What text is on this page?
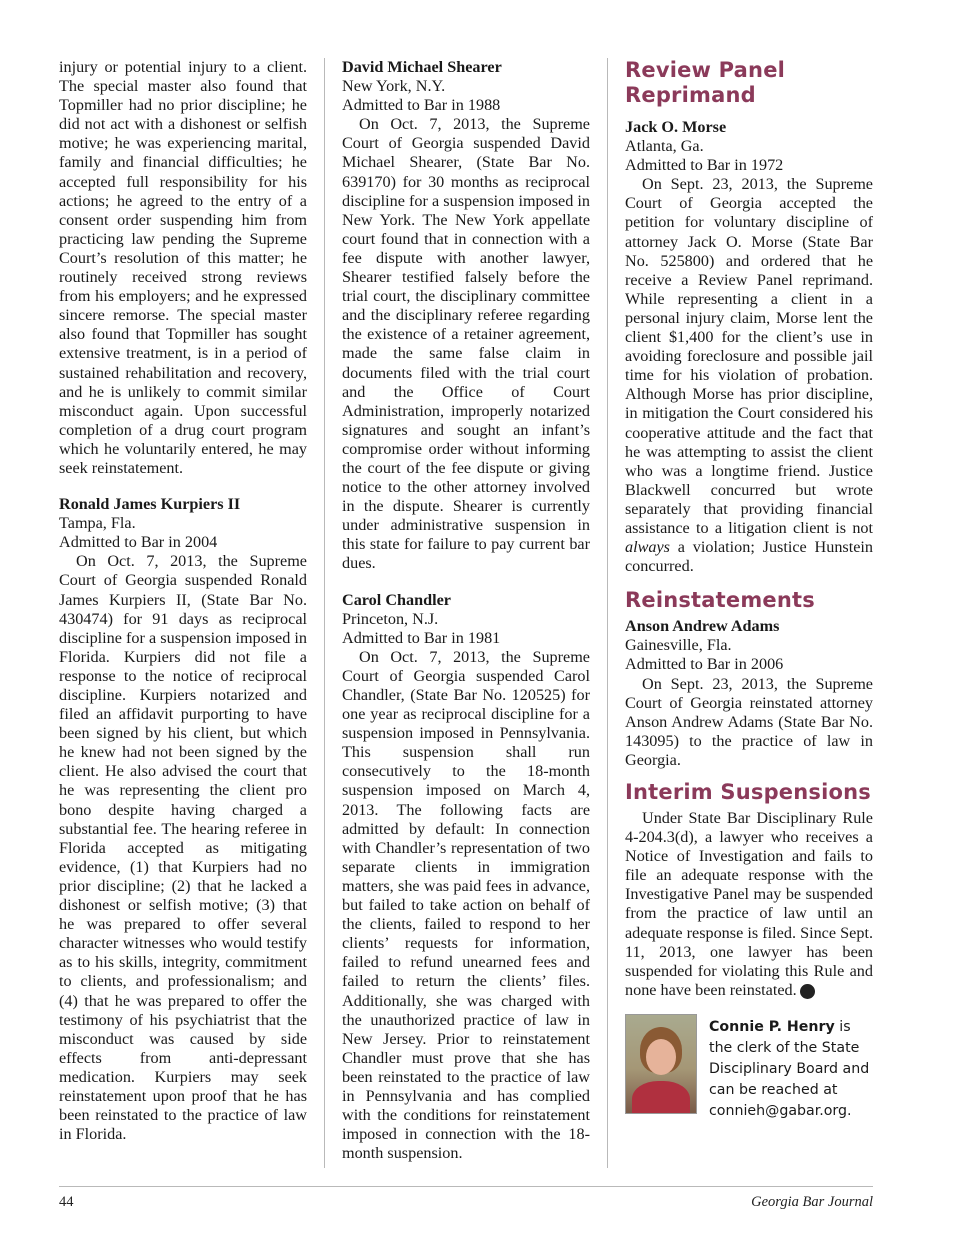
injury or potential injury to a client. The special master also found that Topmiller had no prior discipline; he did not act with a dishonest or selfish motive; he was experiencing marital, family and financial difficulties; he accepted full responsibility for his actions; he agreed to the entry of a consent order suspending him from practicing law pending the Supreme Court’s resolution of this matter; he routinely received strong reviews from his employers; and he expressed sincere remorse. The special master also found that Topmiller has sought extensive treatment, is in a period of sustained rehabilitation and recovery, and he is unlikely to commit similar misconduct again. Upon successful completion of a drug court program which he voluntarily entered, he may seek reinstatement.

Ronald James Kurpiers II
Tampa, Fla.
Admitted to Bar in 2004

On Oct. 7, 2013, the Supreme Court of Georgia suspended Ronald James Kurpiers II, (State Bar No. 430474) for 91 days as reciprocal discipline for a suspension imposed in Florida. Kurpiers did not file a response to the notice of reciprocal discipline. Kurpiers notarized and filed an affidavit purporting to have been signed by his client, but which he knew had not been signed by the client. He also advised the court that he was representing the client pro bono despite having charged a substantial fee. The hearing referee in Florida accepted as mitigating evidence, (1) that Kurpiers had no prior discipline; (2) that he lacked a dishonest or selfish motive; (3) that he was prepared to offer several character witnesses who would testify as to his skills, integrity, commitment to clients, and professionalism; and (4) that he was prepared to offer the testimony of his psychiatrist that the misconduct was caused by side effects from anti-depressant medication. Kurpiers may seek reinstatement upon proof that he has been reinstated to the practice of law in Florida.

David Michael Shearer
New York, N.Y.
Admitted to Bar in 1988

On Oct. 7, 2013, the Supreme Court of Georgia suspended David Michael Shearer, (State Bar No. 639170) for 30 months as reciprocal discipline for a suspension imposed in New York. The New York appellate court found that in connection with a fee dispute with another lawyer, Shearer testified falsely before the trial court, the disciplinary committee and the disciplinary referee regarding the existence of a retainer agreement, made the same false claim in documents filed with the trial court and the Office of Court Administration, improperly notarized signatures and sought an infant’s compromise order without informing the court of the fee dispute or giving notice to the other attorney involved in the dispute. Shearer is currently under administrative suspension in this state for failure to pay current bar dues.

Carol Chandler
Princeton, N.J.
Admitted to Bar in 1981

On Oct. 7, 2013, the Supreme Court of Georgia suspended Carol Chandler, (State Bar No. 120525) for one year as reciprocal discipline for a suspension imposed in Pennsylvania. This suspension shall run consecutively to the 18-month suspension imposed on March 4, 2013. The following facts are admitted by default: In connection with Chandler’s representation of two separate clients in immigration matters, she was paid fees in advance, but failed to take action on behalf of the clients, failed to respond to her clients’ requests for information, failed to refund unearned fees and failed to return the clients’ files. Additionally, she was charged with the unauthorized practice of law in New Jersey. Prior to reinstatement Chandler must prove that she has been reinstated to the practice of law in Pennsylvania and has complied with the conditions for reinstatement imposed in connection with the 18-month suspension.

Review Panel Reprimand
Jack O. Morse
Atlanta, Ga.
Admitted to Bar in 1972

On Sept. 23, 2013, the Supreme Court of Georgia accepted the petition for voluntary discipline of attorney Jack O. Morse (State Bar No. 525800) and ordered that he receive a Review Panel reprimand. While representing a client in a personal injury claim, Morse lent the client $1,400 for the client’s use in avoiding foreclosure and possible jail time for his violation of probation. Although Morse has prior discipline, in mitigation the Court considered his cooperative attitude and the fact that he was attempting to assist the client who was a longtime friend. Justice Blackwell concurred but wrote separately that providing financial assistance to a litigation client is not always a violation; Justice Hunstein concurred.

Reinstatements
Anson Andrew Adams
Gainesville, Fla.
Admitted to Bar in 2006

On Sept. 23, 2013, the Supreme Court of Georgia reinstated attorney Anson Andrew Adams (State Bar No. 143095) to the practice of law in Georgia.

Interim Suspensions

Under State Bar Disciplinary Rule 4-204.3(d), a lawyer who receives a Notice of Investigation and fails to file an adequate response with the Investigative Panel may be suspended from the practice of law until an adequate response is filed. Since Sept. 11, 2013, one lawyer has been suspended for violating this Rule and none have been reinstated.	GBJ

Connie P. Henry is the clerk of the State Disciplinary Board and can be reached at connieh@gabar.org.
44	Georgia Bar Journal
